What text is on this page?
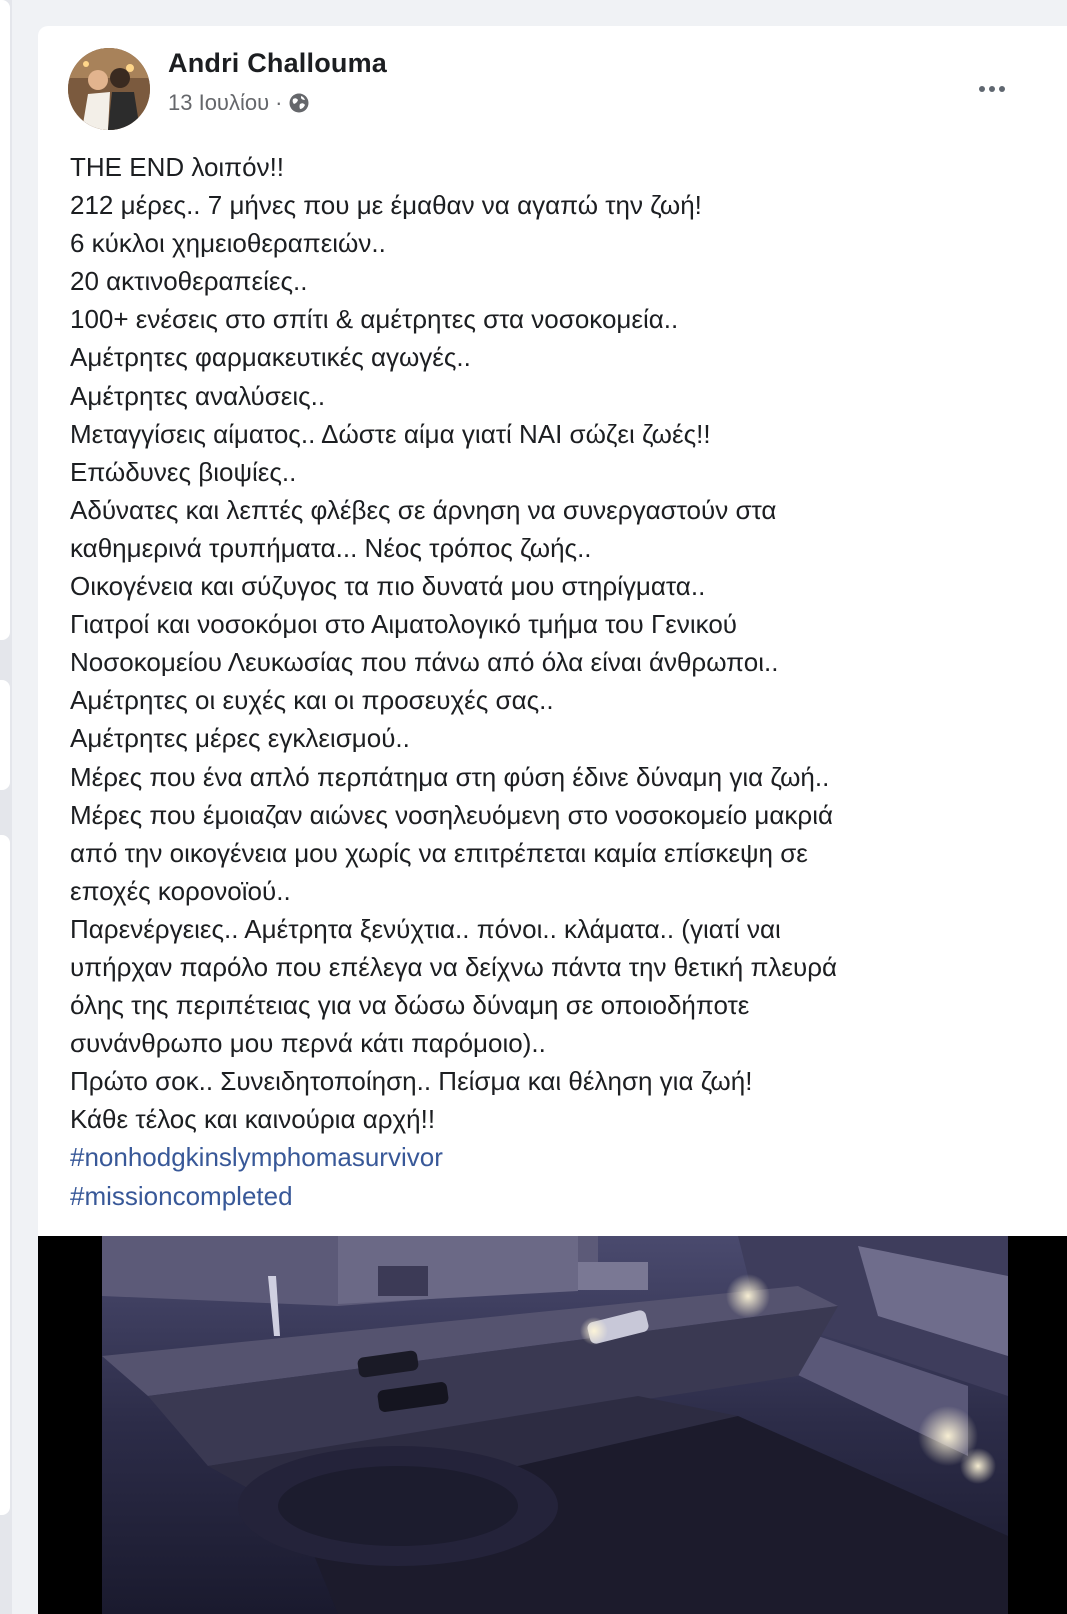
Andri Challouma
13 Ιουλίου ·
THE END λοιπόν!!
212 μέρες.. 7 μήνες που με έμαθαν να αγαπώ την ζωή!
6 κύκλοι χημειοθεραπειών..
20 ακτινοθεραπείες..
100+ ενέσεις στο σπίτι & αμέτρητες στα νοσοκομεία..
Αμέτρητες φαρμακευτικές αγωγές..
Αμέτρητες αναλύσεις..
Μεταγγίσεις αίματος.. Δώστε αίμα γιατί ΝΑΙ σώζει ζωές!!
Επώδυνες βιοψίες..
Αδύνατες και λεπτές φλέβες σε άρνηση να συνεργαστούν στα
καθημερινά τρυπήματα... Νέος τρόπος ζωής..
Οικογένεια και σύζυγος τα πιο δυνατά μου στηρίγματα..
Γιατροί και νοσοκόμοι στο Αιματολογικό τμήμα του Γενικού
Νοσοκομείου Λευκωσίας που πάνω από όλα είναι άνθρωποι..
Αμέτρητες οι ευχές και οι προσευχές σας..
Αμέτρητες μέρες εγκλεισμού..
Μέρες που ένα απλό περπάτημα στη φύση έδινε δύναμη για ζωή..
Μέρες που έμοιαζαν αιώνες νοσηλευόμενη στο νοσοκομείο μακριά
από την οικογένεια μου χωρίς να επιτρέπεται καμία επίσκεψη σε
εποχές κορονοϊού..
Παρενέργειες.. Αμέτρητα ξενύχτια.. πόνοι.. κλάματα.. (γιατί ναι
υπήρχαν παρόλο που επέλεγα να δείχνω πάντα την θετική πλευρά
όλης της περιπέτειας για να δώσω δύναμη σε οποιοδήποτε
συνάνθρωπο μου περνά κάτι παρόμοιο)..
Πρώτο σοκ.. Συνειδητοποίηση.. Πείσμα και θέληση για ζωή!
Κάθε τέλος και καινούρια αρχή!!
#nonhodgkinslymphomasurvivor
#missioncompleted
